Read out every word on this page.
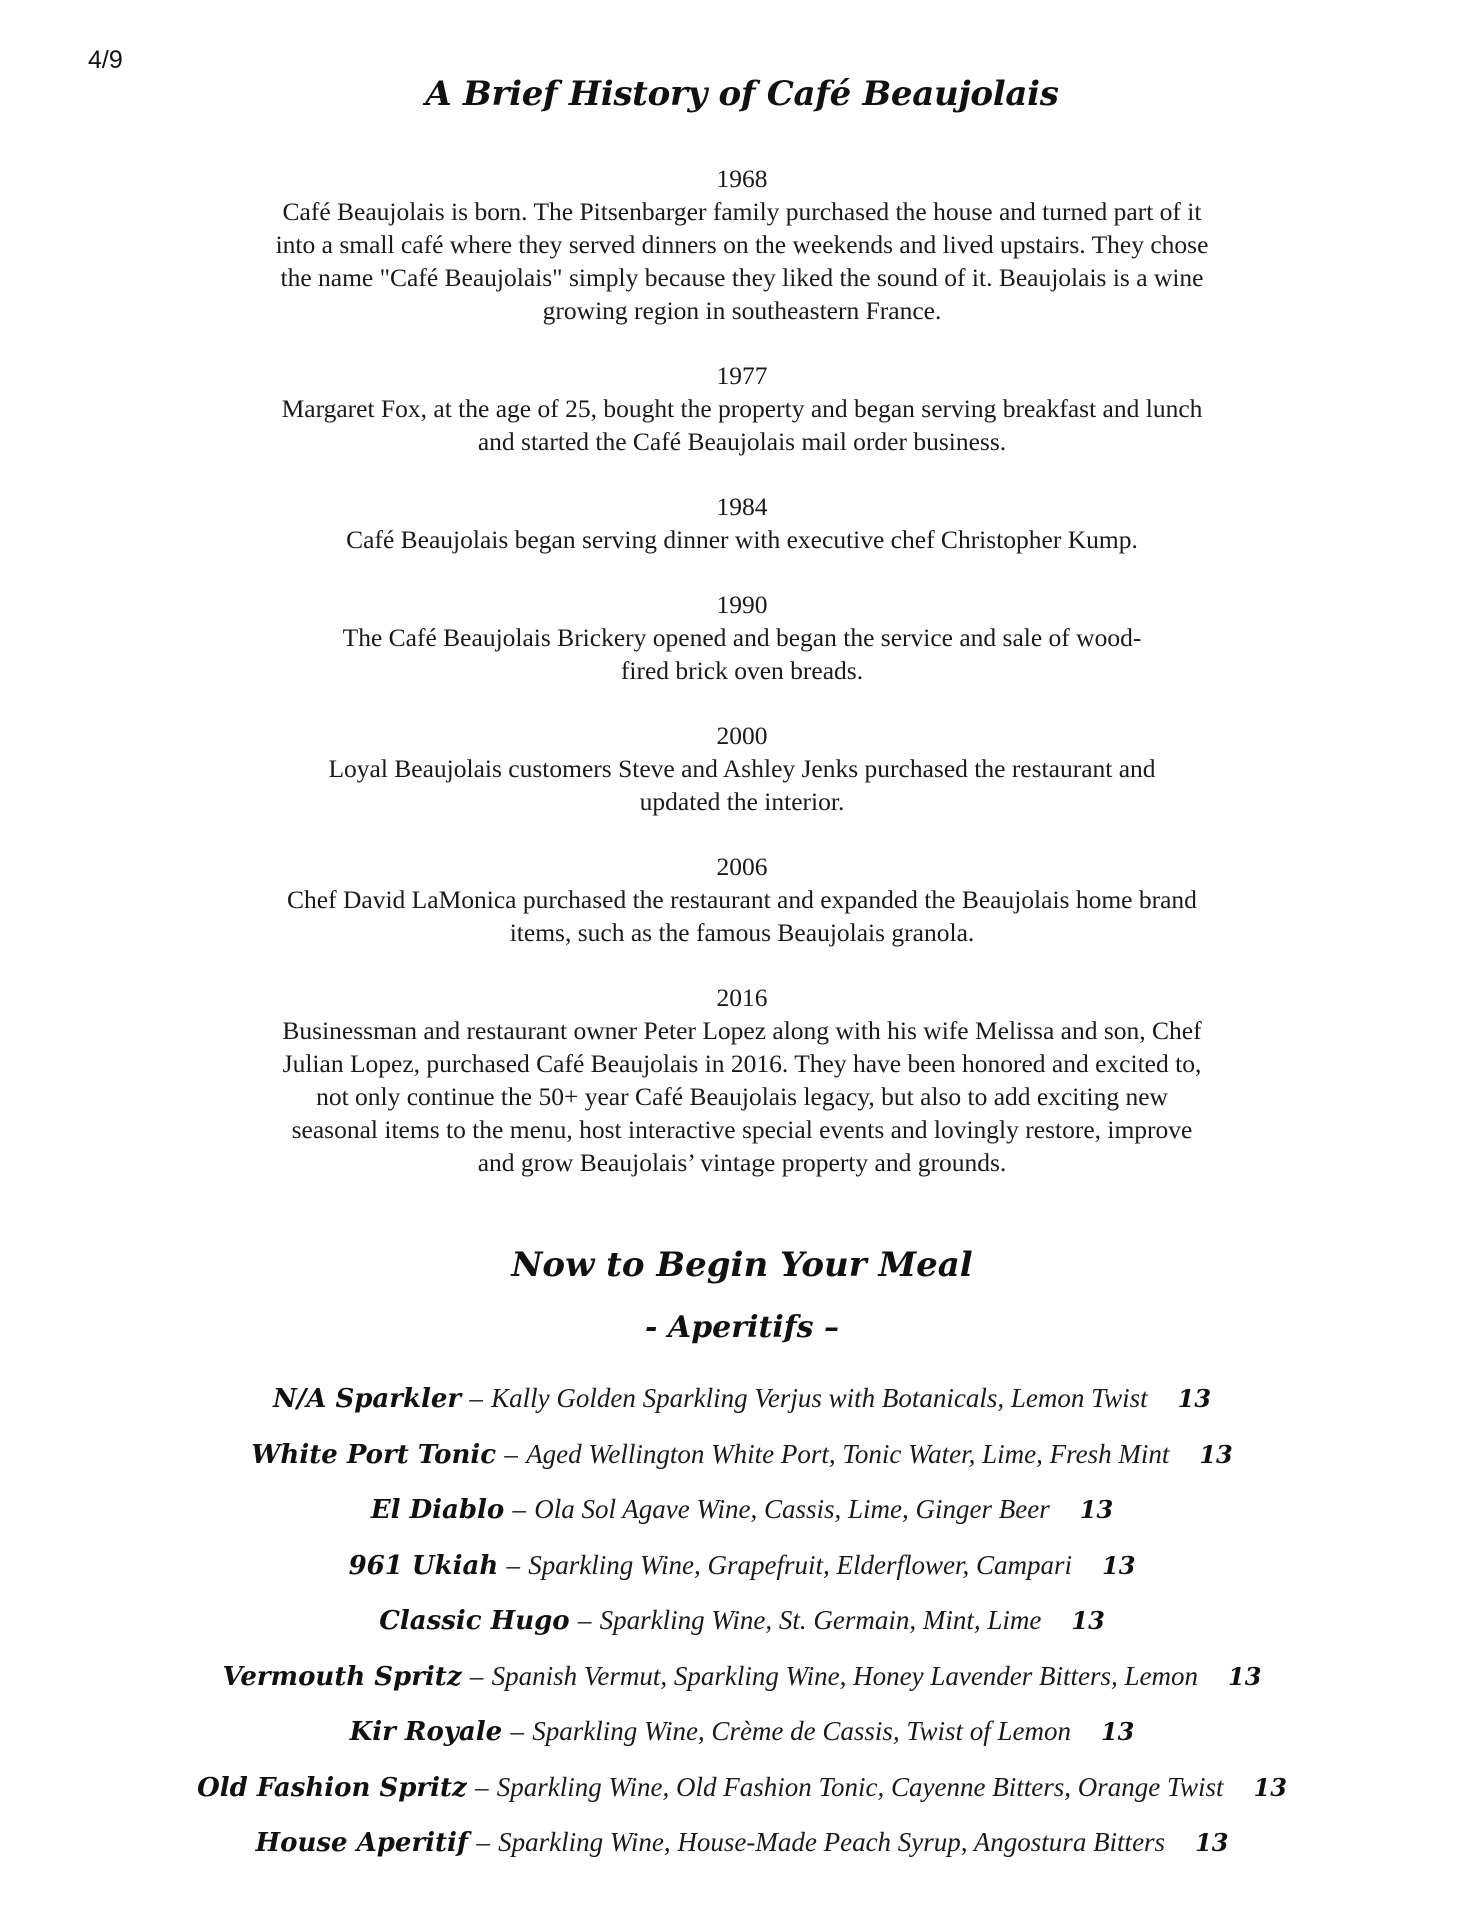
4/9
A Brief History of Café Beaujolais
1968
Café Beaujolais is born. The Pitsenbarger family purchased the house and turned part of it into a small café where they served dinners on the weekends and lived upstairs. They chose the name "Café Beaujolais" simply because they liked the sound of it. Beaujolais is a wine growing region in southeastern France.
1977
Margaret Fox, at the age of 25, bought the property and began serving breakfast and lunch and started the Café Beaujolais mail order business.
1984
Café Beaujolais began serving dinner with executive chef Christopher Kump.
1990
The Café Beaujolais Brickery opened and began the service and sale of wood-fired brick oven breads.
2000
Loyal Beaujolais customers Steve and Ashley Jenks purchased the restaurant and updated the interior.
2006
Chef David LaMonica purchased the restaurant and expanded the Beaujolais home brand items, such as the famous Beaujolais granola.
2016
Businessman and restaurant owner Peter Lopez along with his wife Melissa and son, Chef Julian Lopez, purchased Café Beaujolais in 2016. They have been honored and excited to, not only continue the 50+ year Café Beaujolais legacy, but also to add exciting new seasonal items to the menu, host interactive special events and lovingly restore, improve and grow Beaujolais’ vintage property and grounds.
Now to Begin Your Meal
- Aperitifs –
N/A Sparkler – Kally Golden Sparkling Verjus with Botanicals, Lemon Twist 13
White Port Tonic – Aged Wellington White Port, Tonic Water, Lime, Fresh Mint 13
El Diablo – Ola Sol Agave Wine, Cassis, Lime, Ginger Beer 13
961 Ukiah – Sparkling Wine, Grapefruit, Elderflower, Campari 13
Classic Hugo – Sparkling Wine, St. Germain, Mint, Lime 13
Vermouth Spritz – Spanish Vermut, Sparkling Wine, Honey Lavender Bitters, Lemon 13
Kir Royale – Sparkling Wine, Crème de Cassis, Twist of Lemon 13
Old Fashion Spritz – Sparkling Wine, Old Fashion Tonic, Cayenne Bitters, Orange Twist 13
House Aperitif – Sparkling Wine, House-Made Peach Syrup, Angostura Bitters 13
